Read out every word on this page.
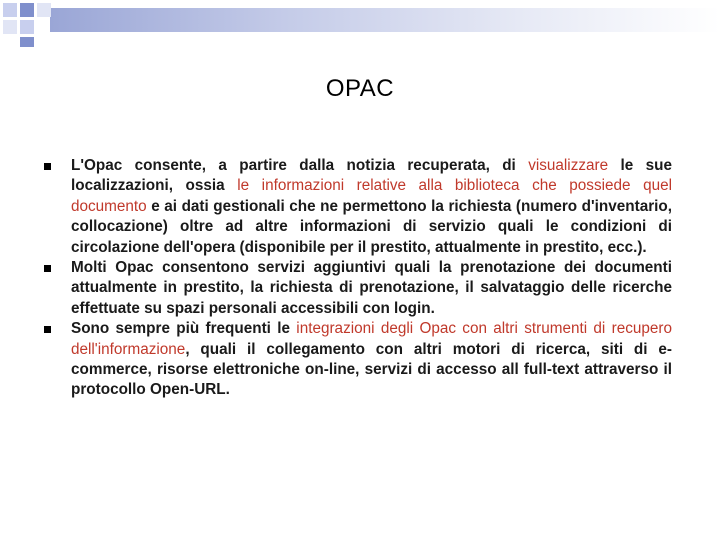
OPAC
L'Opac consente, a partire dalla notizia recuperata, di visualizzare le sue localizzazioni, ossia le informazioni relative alla biblioteca che possiede quel documento e ai dati gestionali che ne permettono la richiesta (numero d'inventario, collocazione) oltre ad altre informazioni di servizio quali le condizioni di circolazione dell'opera (disponibile per il prestito, attualmente in prestito, ecc.).
Molti Opac consentono servizi aggiuntivi quali la prenotazione dei documenti attualmente in prestito, la richiesta di prenotazione, il salvataggio delle ricerche effettuate su spazi personali accessibili con login.
Sono sempre più frequenti le integrazioni degli Opac con altri strumenti di recupero dell'informazione, quali il collegamento con altri motori di ricerca, siti di e-commerce, risorse elettroniche on-line, servizi di accesso all full-text attraverso il protocollo Open-URL.
